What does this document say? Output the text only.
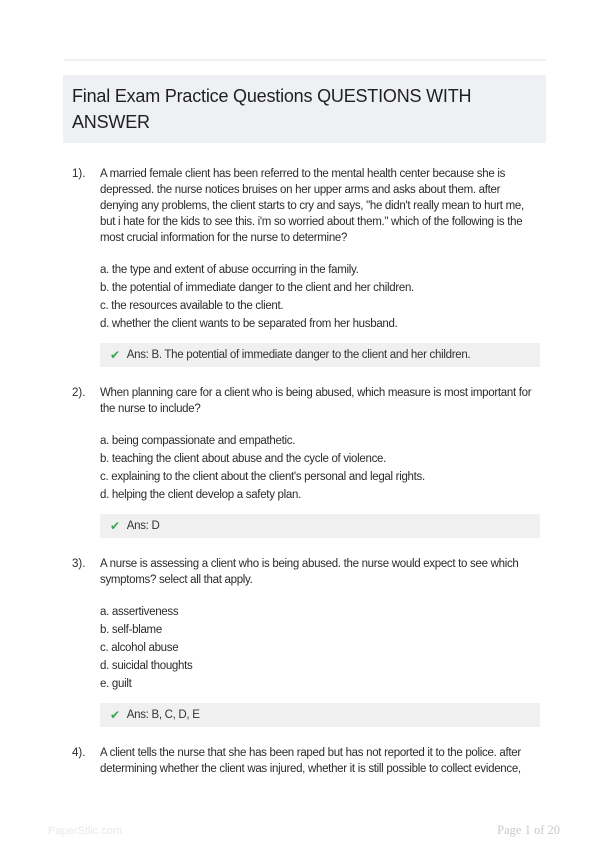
Final Exam Practice Questions QUESTIONS WITH ANSWER
1).	A married female client has been referred to the mental health center because she is depressed. the nurse notices bruises on her upper arms and asks about them. after denying any problems, the client starts to cry and says, "he didn't really mean to hurt me, but i hate for the kids to see this. i'm so worried about them." which of the following is the most crucial information for the nurse to determine?

a. the type and extent of abuse occurring in the family.
b. the potential of immediate danger to the client and her children.
c. the resources available to the client.
d. whether the client wants to be separated from her husband.
✔ Ans: B. The potential of immediate danger to the client and her children.
2).	When planning care for a client who is being abused, which measure is most important for the nurse to include?

a. being compassionate and empathetic.
b. teaching the client about abuse and the cycle of violence.
c. explaining to the client about the client's personal and legal rights.
d. helping the client develop a safety plan.
✔ Ans: D
3).	A nurse is assessing a client who is being abused. the nurse would expect to see which symptoms? select all that apply.

a. assertiveness
b. self-blame
c. alcohol abuse
d. suicidal thoughts
e. guilt
✔ Ans: B, C, D, E
4).	A client tells the nurse that she has been raped but has not reported it to the police. after determining whether the client was injured, whether it is still possible to collect evidence,

PaperStlic.com	Page 1 of 20
